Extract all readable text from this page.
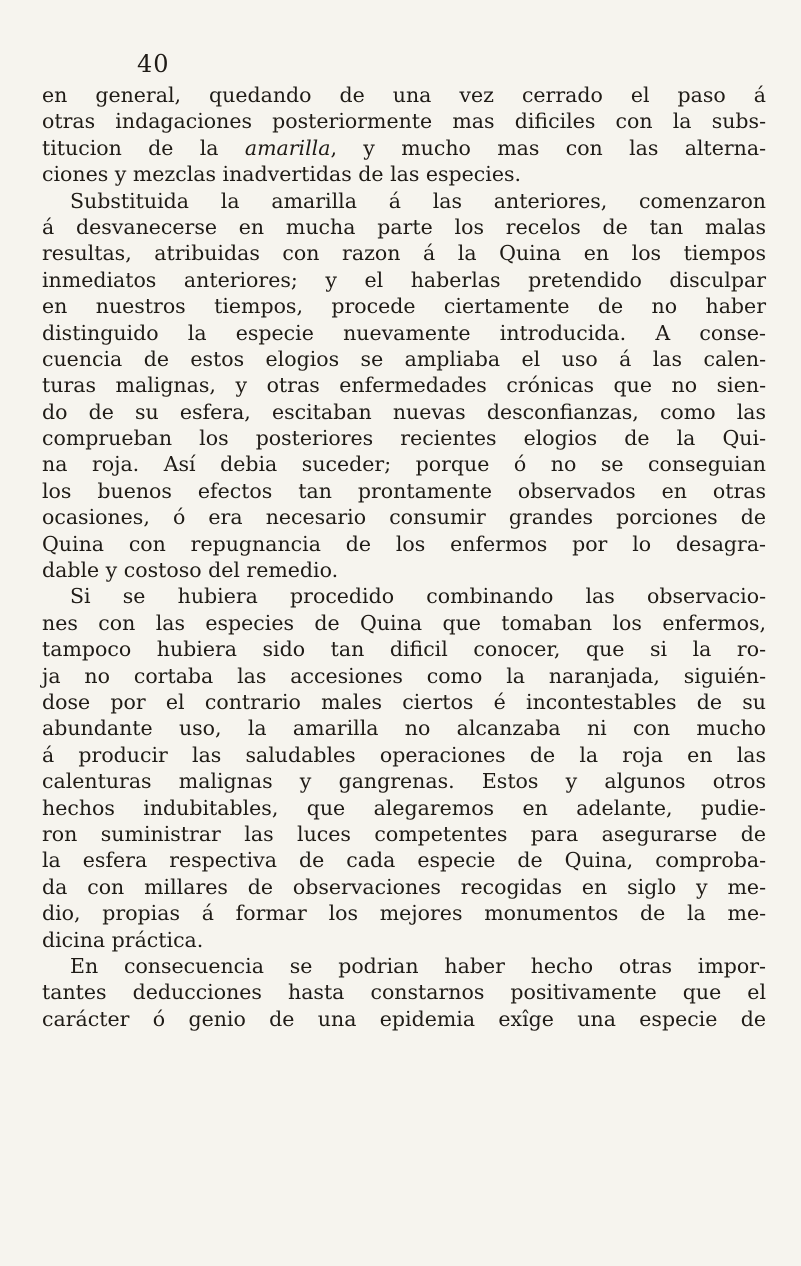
40
en general, quedando de una vez cerrado el paso á
otras indagaciones posteriormente mas dificiles con la subs-
titucion de la amarilla, y mucho mas con las alterna-
ciones y mezclas inadvertidas de las especies.
Substituida la amarilla á las anteriores, comenzaron
á desvanecerse en mucha parte los recelos de tan malas
resultas, atribuidas con razon á la Quina en los tiempos
inmediatos anteriores; y el haberlas pretendido disculpar
en nuestros tiempos, procede ciertamente de no haber
distinguido la especie nuevamente introducida. A conse-
cuencia de estos elogios se ampliaba el uso á las calen-
turas malignas, y otras enfermedades crónicas que no sien-
do de su esfera, escitaban nuevas desconfianzas, como las
comprueban los posteriores recientes elogios de la Qui-
na roja. Así debia suceder; porque ó no se conseguian
los buenos efectos tan prontamente observados en otras
ocasiones, ó era necesario consumir grandes porciones de
Quina con repugnancia de los enfermos por lo desagra-
dable y costoso del remedio.
Si se hubiera procedido combinando las observacio-
nes con las especies de Quina que tomaban los enfermos,
tampoco hubiera sido tan dificil conocer, que si la ro-
ja no cortaba las accesiones como la naranjada, siguién-
dose por el contrario males ciertos é incontestables de su
abundante uso, la amarilla no alcanzaba ni con mucho
á producir las saludables operaciones de la roja en las
calenturas malignas y gangrenas. Estos y algunos otros
hechos indubitables, que alegaremos en adelante, pudie-
ron suministrar las luces competentes para asegurarse de
la esfera respectiva de cada especie de Quina, comproba-
da con millares de observaciones recogidas en siglo y me-
dio, propias á formar los mejores monumentos de la me-
dicina práctica.
En consecuencia se podrian haber hecho otras impor-
tantes deducciones hasta constarnos positivamente que el
carácter ó genio de una epidemia exîge una especie de
